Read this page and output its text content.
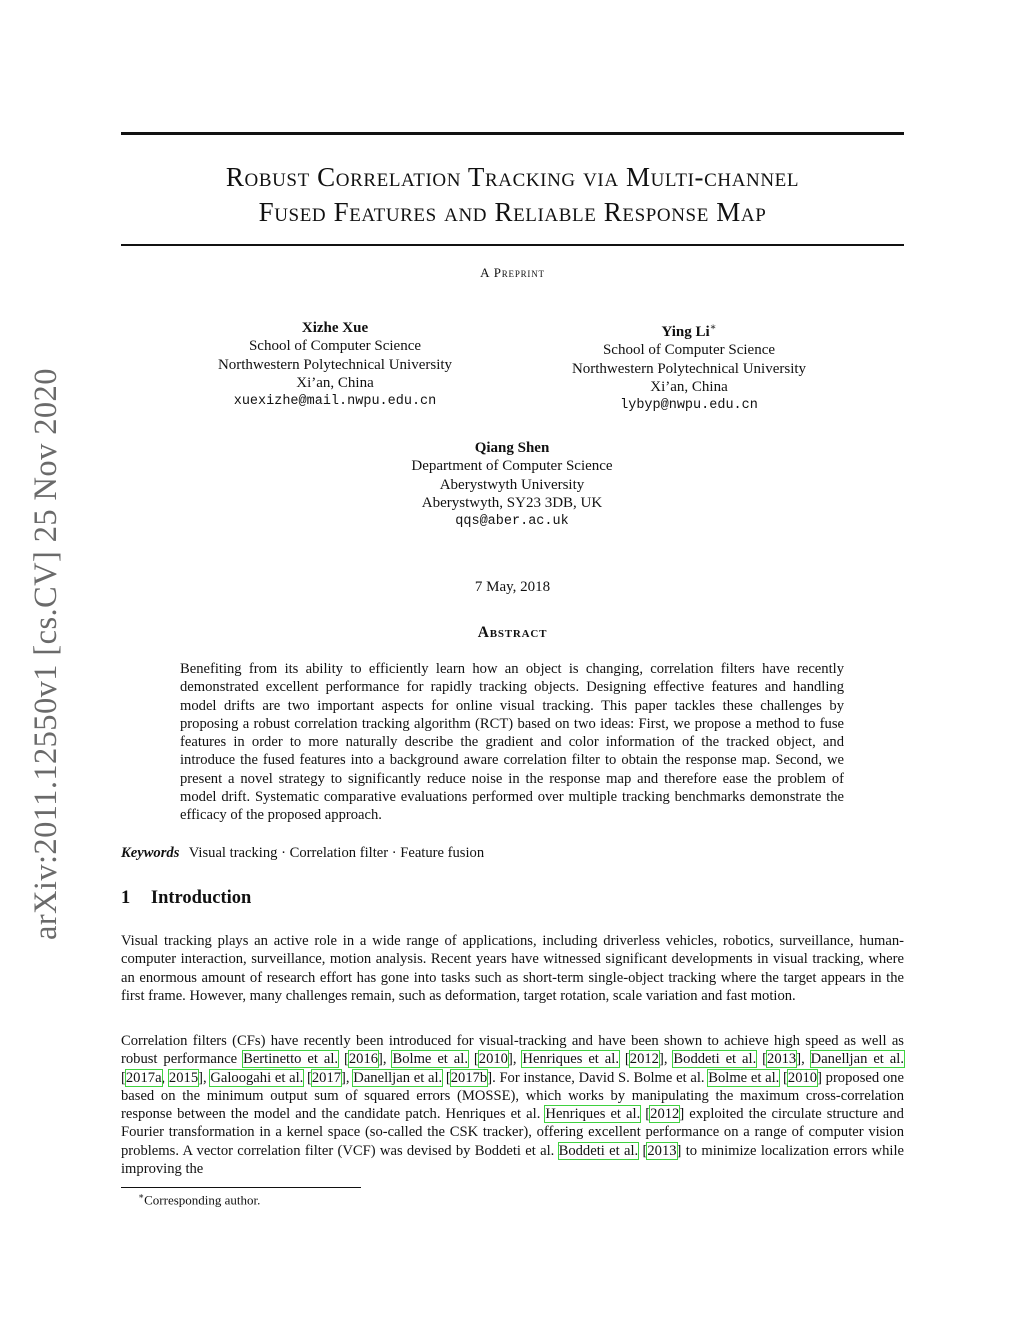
arXiv:2011.12550v1 [cs.CV] 25 Nov 2020
Robust Correlation Tracking via Multi-channel
Fused Features and Reliable Response Map
A Preprint
Xizhe Xue
School of Computer Science
Northwestern Polytechnical University
Xi’an, China
xuexizhe@mail.nwpu.edu.cn
Ying Li∗
School of Computer Science
Northwestern Polytechnical University
Xi’an, China
lybyp@nwpu.edu.cn
Qiang Shen
Department of Computer Science
Aberystwyth University
Aberystwyth, SY23 3DB, UK
qqs@aber.ac.uk
7 May, 2018
Abstract
Benefiting from its ability to efficiently learn how an object is changing, correlation filters have recently demonstrated excellent performance for rapidly tracking objects. Designing effective features and handling model drifts are two important aspects for online visual tracking. This paper tackles these challenges by proposing a robust correlation tracking algorithm (RCT) based on two ideas: First, we propose a method to fuse features in order to more naturally describe the gradient and color information of the tracked object, and introduce the fused features into a background aware correlation filter to obtain the response map. Second, we present a novel strategy to significantly reduce noise in the response map and therefore ease the problem of model drift. Systematic comparative evaluations performed over multiple tracking benchmarks demonstrate the efficacy of the proposed approach.
Keywords Visual tracking · Correlation filter · Feature fusion
1 Introduction
Visual tracking plays an active role in a wide range of applications, including driverless vehicles, robotics, surveillance, human-computer interaction, surveillance, motion analysis. Recent years have witnessed significant developments in visual tracking, where an enormous amount of research effort has gone into tasks such as short-term single-object tracking where the target appears in the first frame. However, many challenges remain, such as deformation, target rotation, scale variation and fast motion.
Correlation filters (CFs) have recently been introduced for visual-tracking and have been shown to achieve high speed as well as robust performance Bertinetto et al. [2016], Bolme et al. [2010], Henriques et al. [2012], Boddeti et al. [2013], Danelljan et al. [2017a, 2015], Galoogahi et al. [2017], Danelljan et al. [2017b]. For instance, David S. Bolme et al. Bolme et al. [2010] proposed one based on the minimum output sum of squared errors (MOSSE), which works by manipulating the maximum cross-correlation response between the model and the candidate patch. Henriques et al. Henriques et al. [2012] exploited the circulate structure and Fourier transformation in a kernel space (so-called the CSK tracker), offering excellent performance on a range of computer vision problems. A vector correlation filter (VCF) was devised by Boddeti et al. Boddeti et al. [2013] to minimize localization errors while improving the
∗Corresponding author.
